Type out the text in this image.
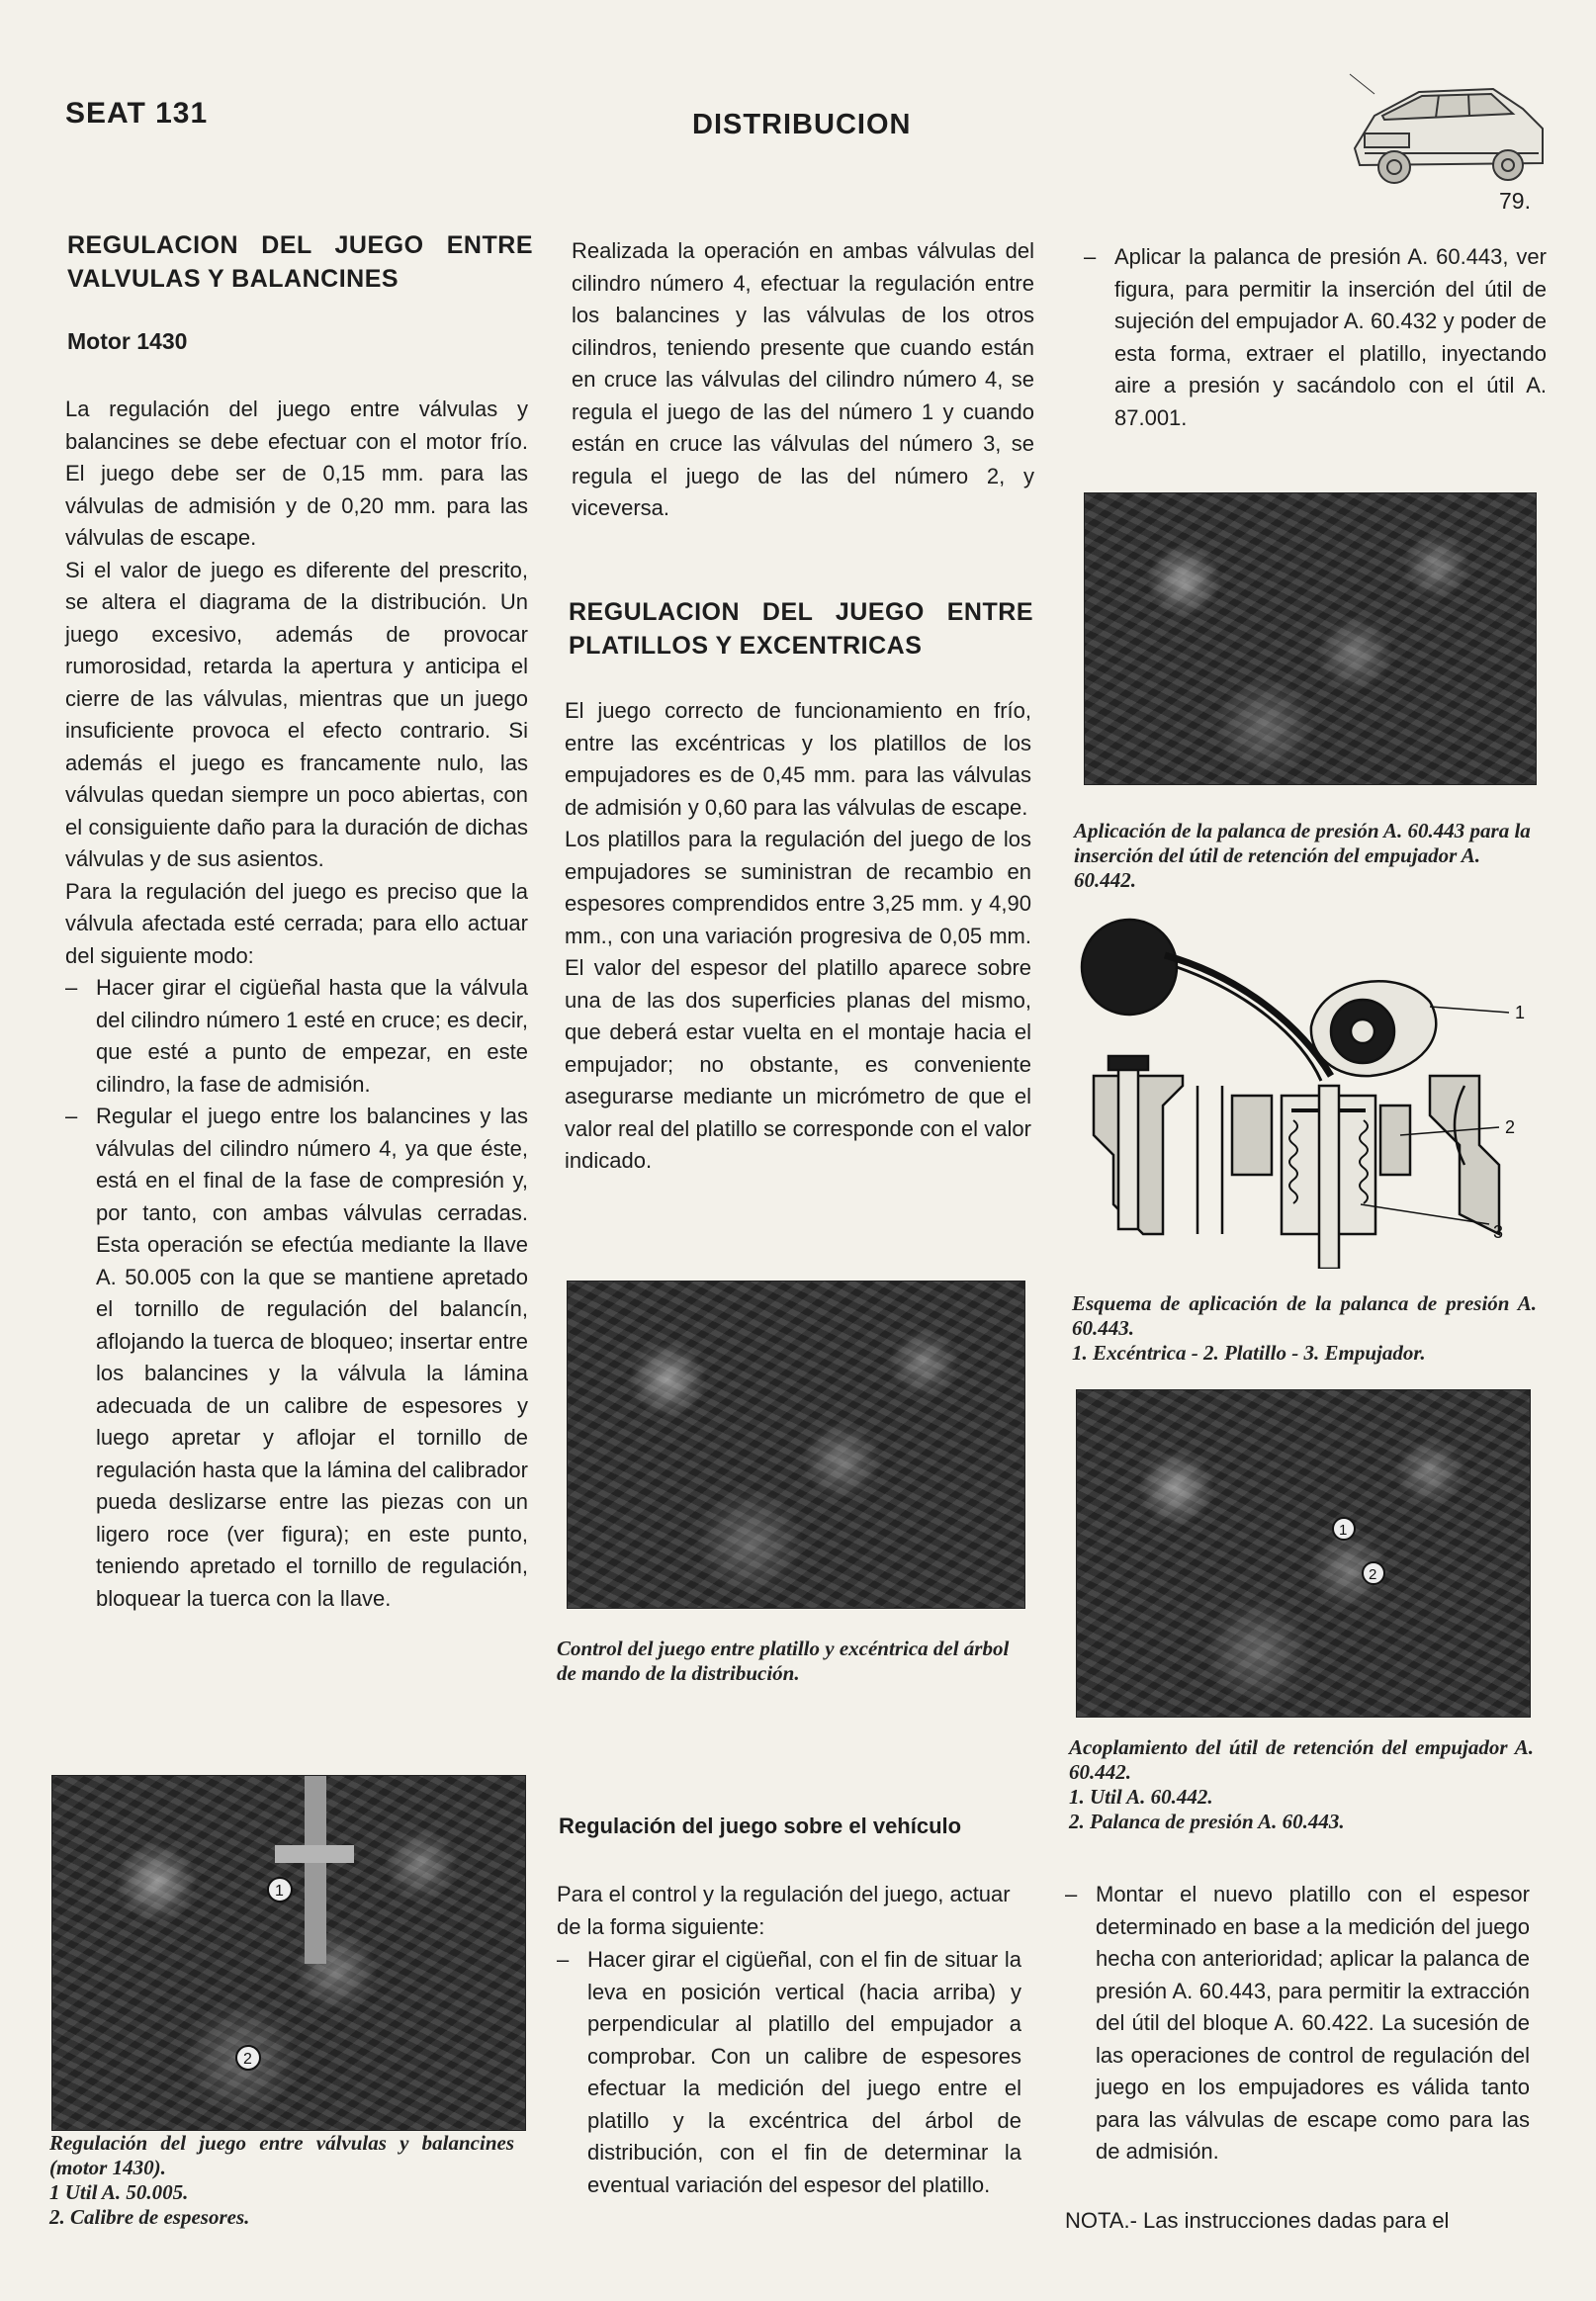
SEAT 131	DISTRIBUCION
79.
REGULACION DEL JUEGO ENTRE VALVULAS Y BALANCINES
Motor 1430

La regulación del juego entre válvulas y balancines se debe efectuar con el motor frío. El juego debe ser de 0,15 mm. para las válvulas de admisión y de 0,20 mm. para las válvulas de escape.

Si el valor de juego es diferente del prescrito, se altera el diagrama de la distribución. Un juego excesivo, además de provocar rumorosidad, retarda la apertura y anticipa el cierre de las válvulas, mientras que un juego insuficiente provoca el efecto contrario. Si además el juego es francamente nulo, las válvulas quedan siempre un poco abiertas, con el consiguiente daño para la duración de dichas válvulas y de sus asientos.

Para la regulación del juego es preciso que la válvula afectada esté cerrada; para ello actuar del siguiente modo:

– Hacer girar el cigüeñal hasta que la válvula del cilindro número 1 esté en cruce; es decir, que esté a punto de empezar, en este cilindro, la fase de admisión.
– Regular el juego entre los balancines y las válvulas del cilindro número 4, ya que éste, está en el final de la fase de compresión y, por tanto, con ambas válvulas cerradas. Esta operación se efectúa mediante la llave A. 50.005 con la que se mantiene apretado el tornillo de regulación del balancín, aflojando la tuerca de bloqueo; insertar entre los balancines y la válvula la lámina adecuada de un calibre de espesores y luego apretar y aflojar el tornillo de regulación hasta que la lámina del calibrador pueda deslizarse entre las piezas con un ligero roce (ver figura); en este punto, teniendo apretado el tornillo de regulación, bloquear la tuerca con la llave.
1
2
Regulación del juego entre válvulas y balancines (motor 1430).
1 Util A. 50.005.
2. Calibre de espesores.
Realizada la operación en ambas válvulas del cilindro número 4, efectuar la regulación entre los balancines y las válvulas de los otros cilindros, teniendo presente que cuando están en cruce las válvulas del cilindro número 4, se regula el juego de las del número 1 y cuando están en cruce las válvulas del número 3, se regula el juego de las del número 2, y viceversa.
REGULACION DEL JUEGO ENTRE PLATILLOS Y EXCENTRICAS

El juego correcto de funcionamiento en frío, entre las excéntricas y los platillos de los empujadores es de 0,45 mm. para las válvulas de admisión y 0,60 para las válvulas de escape.

Los platillos para la regulación del juego de los empujadores se suministran de recambio en espesores comprendidos entre 3,25 mm. y 4,90 mm., con una variación progresiva de 0,05 mm. El valor del espesor del platillo aparece sobre una de las dos superficies planas del mismo, que deberá estar vuelta en el montaje hacia el empujador; no obstante, es conveniente asegurarse mediante un micrómetro de que el valor real del platillo se corresponde con el valor indicado.

Control del juego entre platillo y excéntrica del árbol de mando de la distribución.
Regulación del juego sobre el vehículo
Para el control y la regulación del juego, actuar de la forma siguiente:
– Hacer girar el cigüeñal, con el fin de situar la leva en posición vertical (hacia arriba) y perpendicular al platillo del empujador a comprobar. Con un calibre de espesores efectuar la medición del juego entre el platillo y la excéntrica del árbol de distribución, con el fin de determinar la eventual variación del espesor del platillo.
– Aplicar la palanca de presión A. 60.443, ver figura, para permitir la inserción del útil de sujeción del empujador A. 60.432 y poder de esta forma, extraer el platillo, inyectando aire a presión y sacándolo con el útil A. 87.001.
Aplicación de la palanca de presión A. 60.443 para la inserción del útil de retención del empujador A. 60.442.
1
2
3
Esquema de aplicación de la palanca de presión A. 60.443.
1. Excéntrica - 2. Platillo - 3. Empujador.
1
2
Acoplamiento del útil de retención del empujador A. 60.442.
1. Util A. 60.442.
2. Palanca de presión A. 60.443.
– Montar el nuevo platillo con el espesor determinado en base a la medición del juego hecha con anterioridad; aplicar la palanca de presión A. 60.443, para permitir la extracción del útil del bloque A. 60.422. La sucesión de las operaciones de control de regulación del juego en los empujadores es válida tanto para las válvulas de escape como para las de admisión.
NOTA.- Las instrucciones dadas para el
